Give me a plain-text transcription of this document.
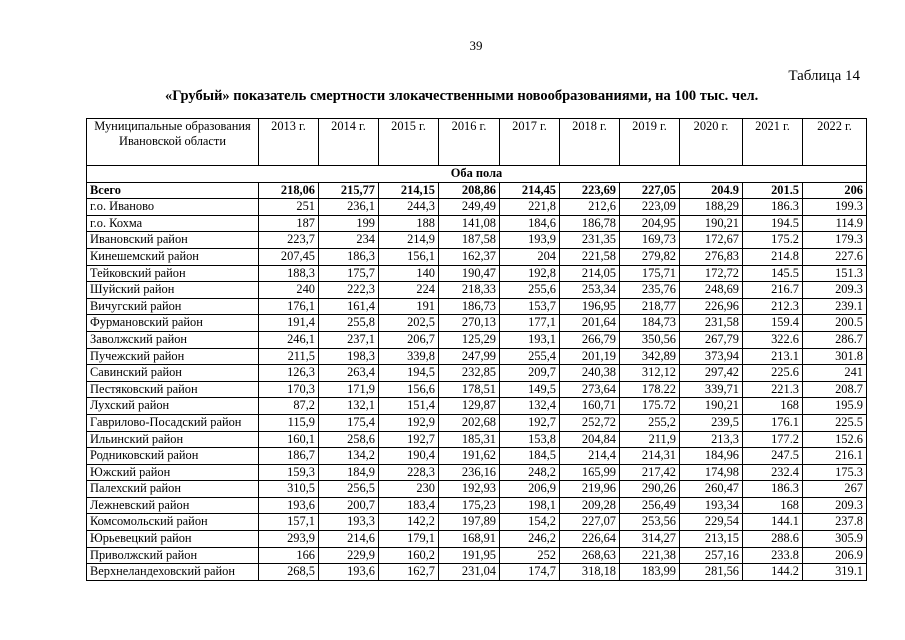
39
Таблица 14
«Грубый» показатель смертности злокачественными новообразованиями, на 100 тыс. чел.
Муниципальные образования Ивановской области	2013 г.	2014 г.	2015 г.	2016 г.	2017 г.	2018 г.	2019 г.	2020 г.	2021 г.	2022 г.
Оба пола										
Всего	218,06	215,77	214,15	208,86	214,45	223,69	227,05	204.9	201.5	206
г.о. Иваново	251	236,1	244,3	249,49	221,8	212,6	223,09	188,29	186.3	199.3
г.о. Кохма	187	199	188	141,08	184,6	186,78	204,95	190,21	194.5	114.9
Ивановский район	223,7	234	214,9	187,58	193,9	231,35	169,73	172,67	175.2	179.3
Кинешемский район	207,45	186,3	156,1	162,37	204	221,58	279,82	276,83	214.8	227.6
Тейковский район	188,3	175,7	140	190,47	192,8	214,05	175,71	172,72	145.5	151.3
Шуйский район	240	222,3	224	218,33	255,6	253,34	235,76	248,69	216.7	209.3
Вичугский район	176,1	161,4	191	186,73	153,7	196,95	218,77	226,96	212.3	239.1
Фурмановский район	191,4	255,8	202,5	270,13	177,1	201,64	184,73	231,58	159.4	200.5
Заволжский район	246,1	237,1	206,7	125,29	193,1	266,79	350,56	267,79	322.6	286.7
Пучежский район	211,5	198,3	339,8	247,99	255,4	201,19	342,89	373,94	213.1	301.8
Савинский район	126,3	263,4	194,5	232,85	209,7	240,38	312,12	297,42	225.6	241
Пестяковский район	170,3	171,9	156,6	178,51	149,5	273,64	178.22	339,71	221.3	208.7
Лухский район	87,2	132,1	151,4	129,87	132,4	160,71	175.72	190,21	168	195.9
Гаврилово-Посадский район	115,9	175,4	192,9	202,68	192,7	252,72	255,2	239,5	176.1	225.5
Ильинский район	160,1	258,6	192,7	185,31	153,8	204,84	211,9	213,3	177.2	152.6
Родниковский район	186,7	134,2	190,4	191,62	184,5	214,4	214,31	184,96	247.5	216.1
Южский район	159,3	184,9	228,3	236,16	248,2	165,99	217,42	174,98	232.4	175.3
Палехский район	310,5	256,5	230	192,93	206,9	219,96	290,26	260,47	186.3	267
Лежневский район	193,6	200,7	183,4	175,23	198,1	209,28	256,49	193,34	168	209.3
Комсомольский район	157,1	193,3	142,2	197,89	154,2	227,07	253,56	229,54	144.1	237.8
Юрьевецкий район	293,9	214,6	179,1	168,91	246,2	226,64	314,27	213,15	288.6	305.9
Приволжский район	166	229,9	160,2	191,95	252	268,63	221,38	257,16	233.8	206.9
Верхнеландеховский район	268,5	193,6	162,7	231,04	174,7	318,18	183,99	281,56	144.2	319.1
